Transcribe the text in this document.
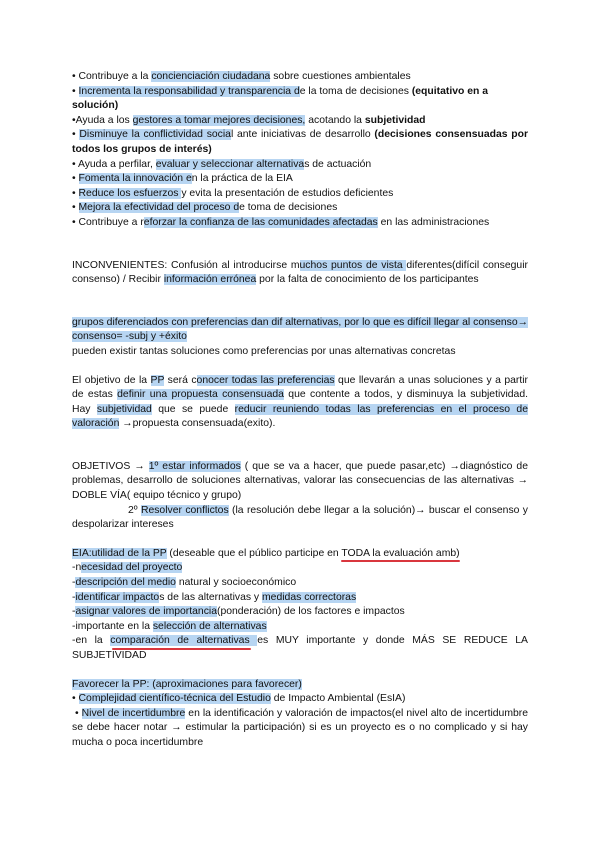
• Contribuye a la concienciación ciudadana sobre cuestiones ambientales

• Incrementa la responsabilidad y transparencia de la toma de decisiones (equitativo en a solución)

•Ayuda a los gestores a tomar mejores decisiones, acotando la subjetividad

• Disminuye la conflictividad social ante iniciativas de desarrollo (decisiones consensuadas por todos los grupos de interés)

• Ayuda a perfilar, evaluar y seleccionar alternativas de actuación

• Fomenta la innovación en la práctica de la EIA

• Reduce los esfuerzos y evita la presentación de estudios deficientes

• Mejora la efectividad del proceso de toma de decisiones

• Contribuye a reforzar la confianza de las comunidades afectadas en las administraciones

INCONVENIENTES: Confusión al introducirse muchos puntos de vista diferentes(difícil conseguir consenso) / Recibir información errónea por la falta de conocimiento de los participantes

grupos diferenciados con preferencias dan dif alternativas, por lo que es difícil llegar al consenso→ consenso= -subj y +éxito

pueden existir tantas soluciones como preferencias por unas alternativas concretas

El objetivo de la PP será conocer todas las preferencias que llevarán a unas soluciones y a partir de estas definir una propuesta consensuada que contente a todos, y disminuya la subjetividad. Hay subjetividad que se puede reducir reuniendo todas las preferencias en el proceso de valoración →propuesta consensuada(exito).

OBJETIVOS → 1º estar informados ( que se va a hacer, que puede pasar,etc) →diagnóstico de problemas, desarrollo de soluciones alternativas, valorar las consecuencias de las alternativas → DOBLE VÍA( equipo técnico y grupo)

2º Resolver conflictos (la resolución debe llegar a la solución)→ buscar el consenso y despolarizar intereses

EIA:utilidad de la PP (deseable que el público participe en TODA la evaluación amb
)

-necesidad del proyecto

-descripción del medio natural y socioeconómico

-identificar impactos de las alternativas y medidas correctoras

-asignar valores de importancia(ponderación) de los factores e impactos

-importante en la selección de alternativas

-en la comparación de alternativas
es MUY importante y donde MÁS SE REDUCE LA SUBJETIVIDAD

Favorecer la PP: (aproximaciones para favorecer)

• Complejidad científico-técnica del Estudio de Impacto Ambiental (EsIA)

• Nivel de incertidumbre en la identificación y valoración de impactos(el nivel alto de incertidumbre se debe hacer notar → estimular la participación) si es un proyecto es o no complicado y si hay mucha o poca incertidumbre
